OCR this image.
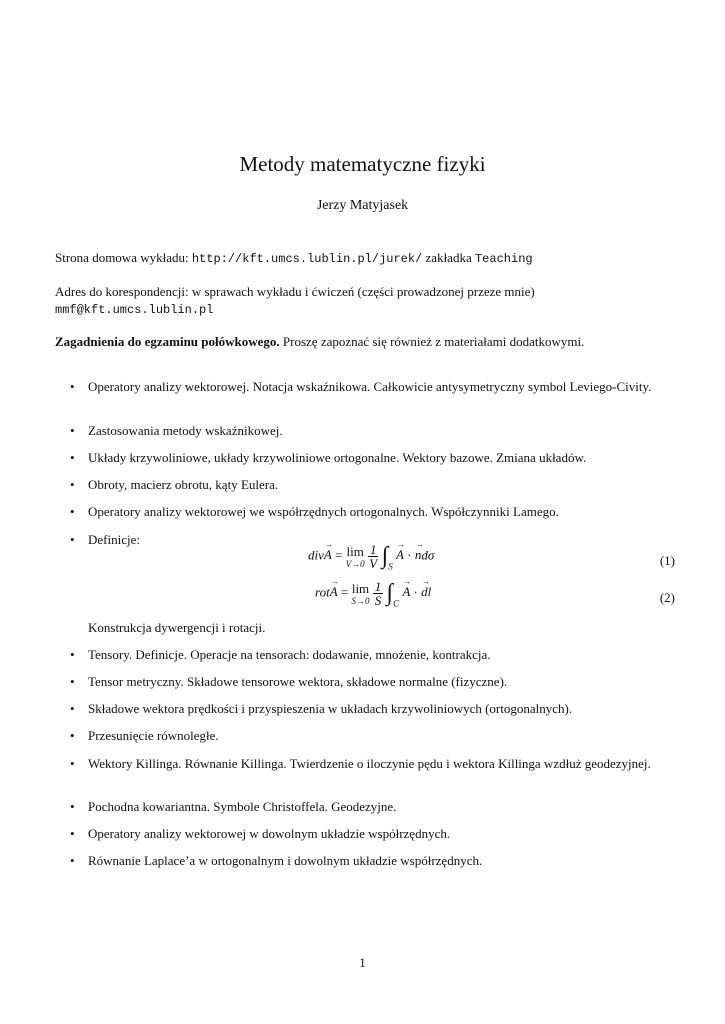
Metody matematyczne fizyki
Jerzy Matyjasek
Strona domowa wykładu: http://kft.umcs.lublin.pl/jurek/ zakładka Teaching
Adres do korespondencji: w sprawach wykładu i ćwiczeń (części prowadzonej przeze mnie)
mmf@kft.umcs.lublin.pl
Zagadnienia do egzaminu połówkowego. Proszę zapoznać się również z materiałami dodatkowymi.
•	Operatory analizy wektorowej. Notacja wskaźnikowa. Całkowicie antysymetryczny symbol Leviego-Civity.
•	Zastosowania metody wskaźnikowej.
•	Układy krzywoliniowe, układy krzywoliniowe ortogonalne. Wektory bazowe. Zmiana układów.
•	Obroty, macierz obrotu, kąty Eulera.
•	Operatory analizy wektorowej we współrzędnych ortogonalnych. Współczynniki Lamego.
•	Definicje:
div→ A = lim
V→0
$\frac{1}{V} \int_S \to A$ · → ndσ	(1)
rot→ A = lim
S→0
$\frac{1}{S} \int_C \to A$ · → dl	(2)
Konstrukcja dywergencji i rotacji.
•	Tensory. Definicje. Operacje na tensorach: dodawanie, mnożenie, kontrakcja.
•	Tensor metryczny. Składowe tensorowe wektora, składowe normalne (fizyczne).
•	Składowe wektora prędkości i przyspieszenia w układach krzywoliniowych (ortogonalnych).
•	Przesunięcie równoległe.
•	Wektory Killinga. Równanie Killinga. Twierdzenie o iloczynie pędu i wektora Killinga wzdłuż geodezyjnej.
•	Pochodna kowariantna. Symbole Christoffela. Geodezyjne.
•	Operatory analizy wektorowej w dowolnym układzie współrzędnych.
•	Równanie Laplace’a w ortogonalnym i dowolnym układzie współrzędnych.
1
